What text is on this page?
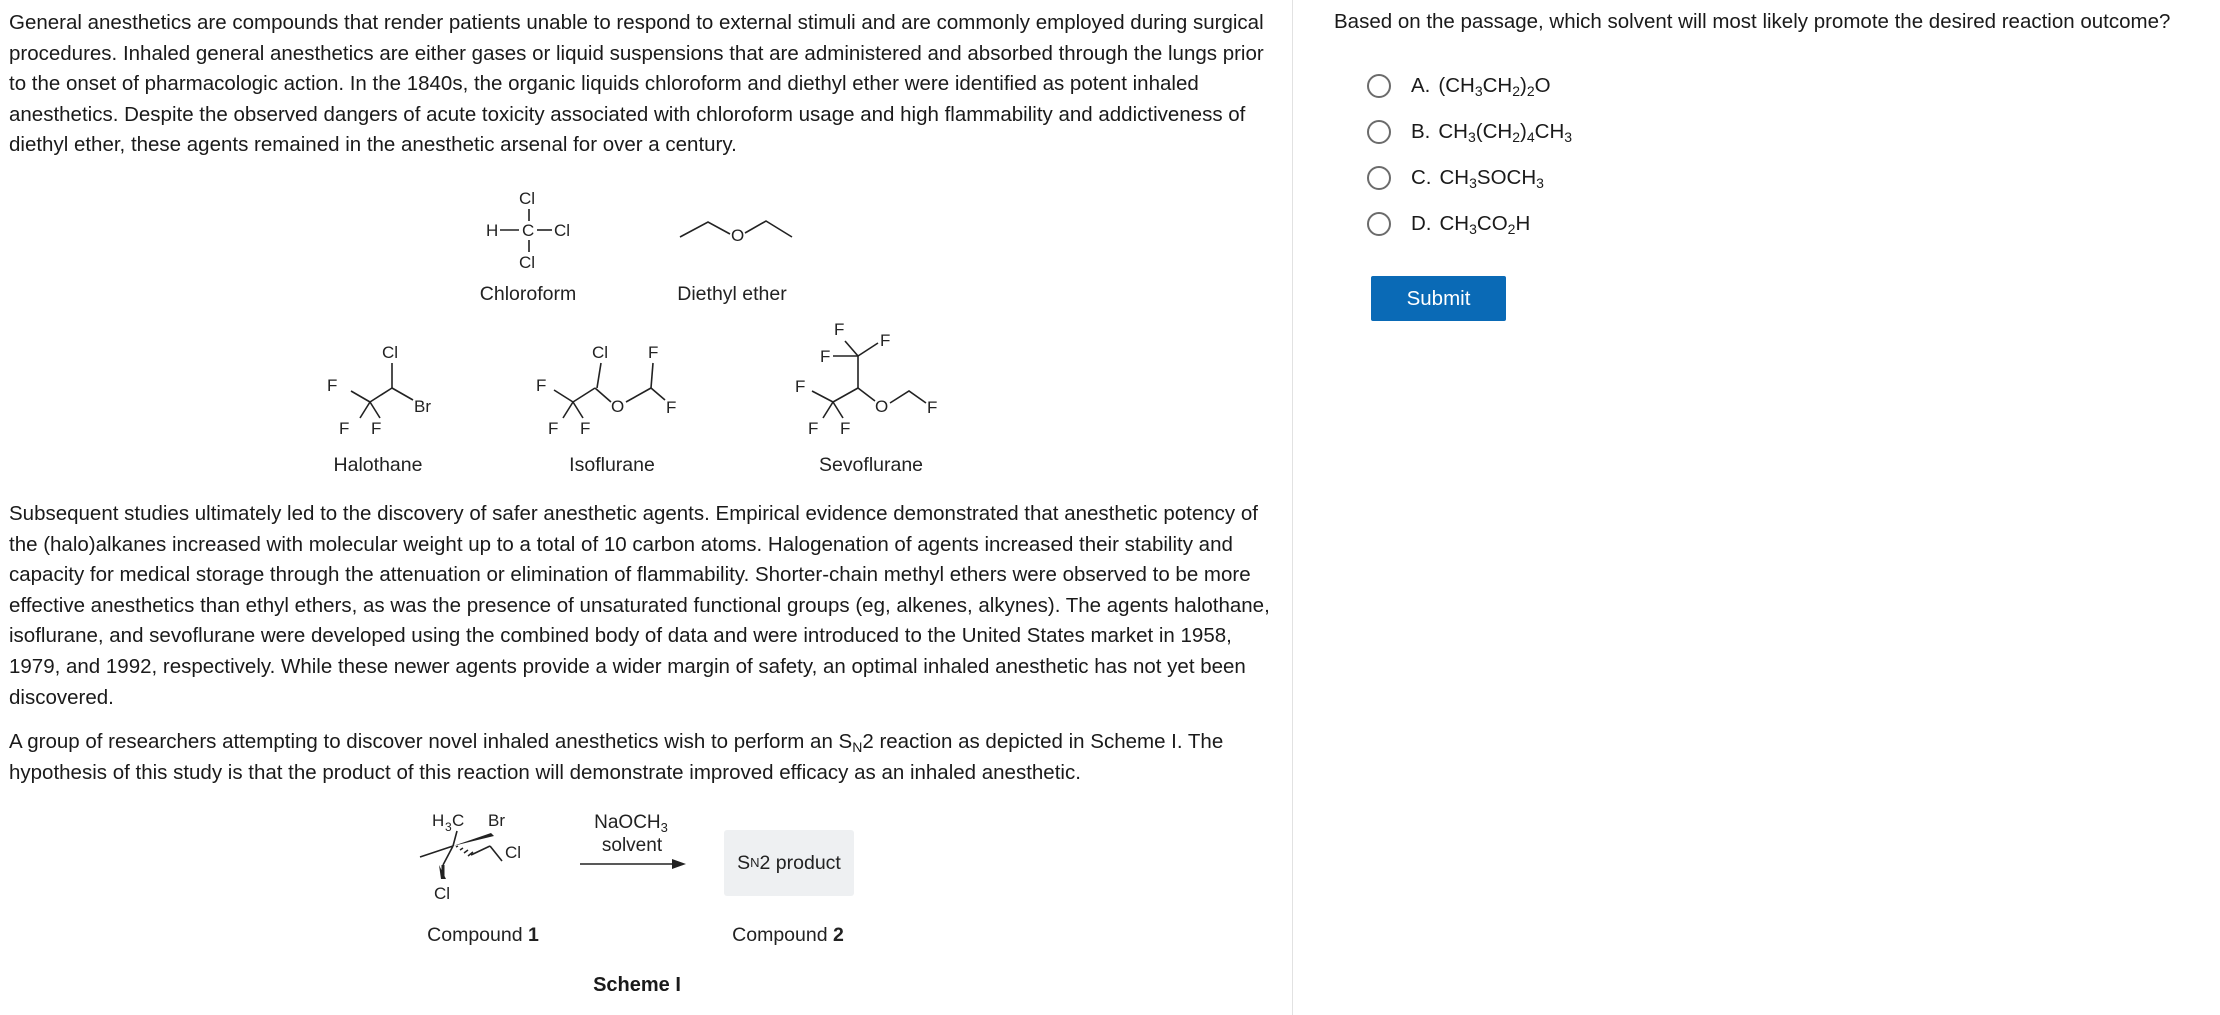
General anesthetics are compounds that render patients unable to respond to external stimuli and are commonly employed during surgical procedures. Inhaled general anesthetics are either gases or liquid suspensions that are administered and absorbed through the lungs prior to the onset of pharmacologic action. In the 1840s, the organic liquids chloroform and diethyl ether were identified as potent inhaled anesthetics. Despite the observed dangers of acute toxicity associated with chloroform usage and high flammability and addictiveness of diethyl ether, these agents remained in the anesthetic arsenal for over a century.

Cl
H C Cl
Cl
Chloroform
O
Diethyl ether
Cl
Br
F
F F
Halothane
F
F F
Cl
O
F
F
Isoflurane
F
F
F
F
F F
O F
Sevoflurane

Subsequent studies ultimately led to the discovery of safer anesthetic agents. Empirical evidence demonstrated that anesthetic potency of the (halo)alkanes increased with molecular weight up to a total of 10 carbon atoms. Halogenation of agents increased their stability and capacity for medical storage through the attenuation or elimination of flammability. Shorter-chain methyl ethers were observed to be more effective anesthetics than ethyl ethers, as was the presence of unsaturated functional groups (eg, alkenes, alkynes). The agents halothane, isoflurane, and sevoflurane were developed using the combined body of data and were introduced to the United States market in 1958, 1979, and 1992, respectively. While these newer agents provide a wider margin of safety, an optimal inhaled anesthetic has not yet been discovered.

A group of researchers attempting to discover novel inhaled anesthetics wish to perform an $S_N2$ reaction as depicted in Scheme I. The hypothesis of this study is that the product of this reaction will demonstrate improved efficacy as an inhaled anesthetic.

H 3 C Br
Cl
Cl
Compound 1
NaOCH$_3$
solvent
S N 2 product
Compound 2
Scheme I

Based on the passage, which solvent will most likely promote the desired reaction outcome?

A. $(CH_3CH_2)_2O$
B. $CH_3(CH_2)_4CH_3$
C. $CH_3SOCH_3$
D. $CH_3CO_2H$
Submit
